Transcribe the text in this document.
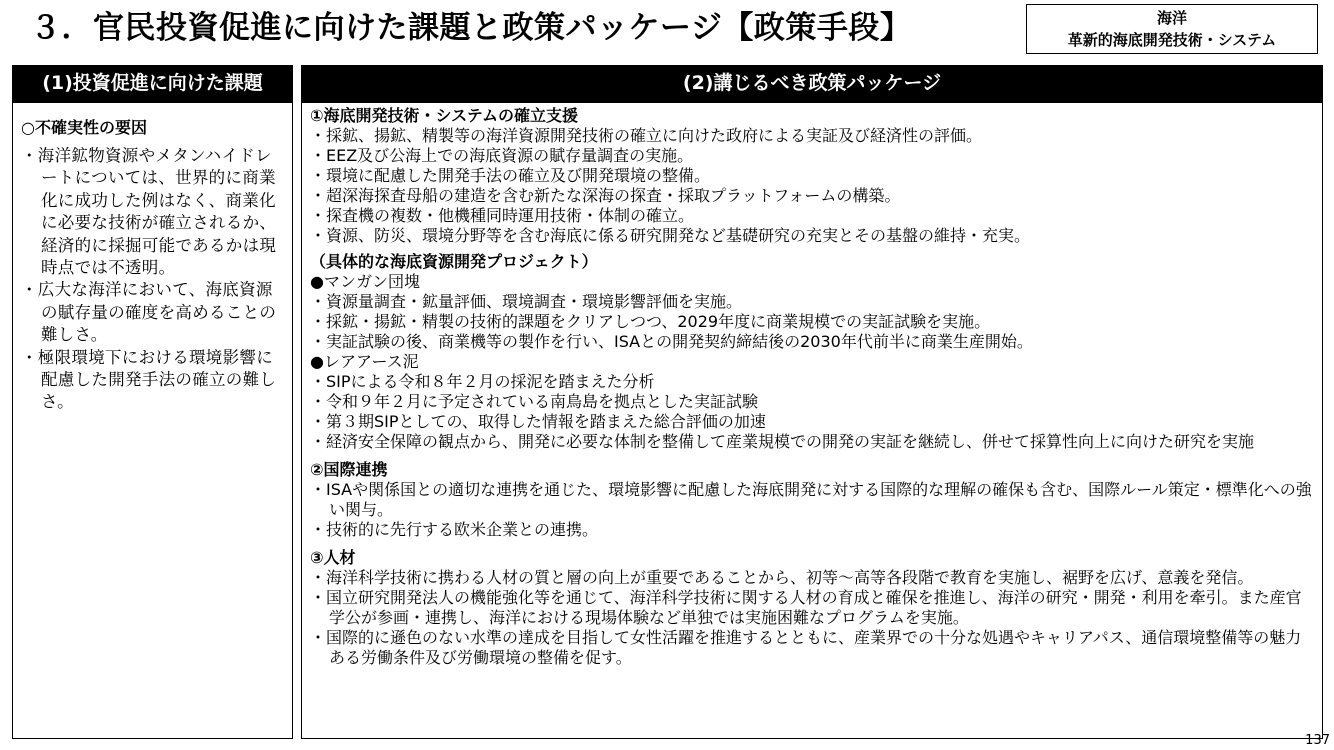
３．官民投資促進に向けた課題と政策パッケージ【政策手段】	海洋
革新的海底開発技術・システム
(1)投資促進に向けた課題	(2)講じるべき政策パッケージ
○不確実性の要因
・海洋鉱物資源やメタンハイドレートについては、世界的に商業化に成功した例はなく、商業化に必要な技術が確立されるか、経済的に採掘可能であるかは現時点では不透明。
・広大な海洋において、海底資源の賦存量の確度を高めることの難しさ。
・極限環境下における環境影響に配慮した開発手法の確立の難しさ。
①海底開発技術・システムの確立支援
・採鉱、揚鉱、精製等の海洋資源開発技術の確立に向けた政府による実証及び経済性の評価。
・EEZ及び公海上での海底資源の賦存量調査の実施。
・環境に配慮した開発手法の確立及び開発環境の整備。
・超深海探査母船の建造を含む新たな深海の探査・採取プラットフォームの構築。
・探査機の複数・他機種同時運用技術・体制の確立。
・資源、防災、環境分野等を含む海底に係る研究開発など基礎研究の充実とその基盤の維持・充実。
（具体的な海底資源開発プロジェクト）
●マンガン団塊
・資源量調査・鉱量評価、環境調査・環境影響評価を実施。
・採鉱・揚鉱・精製の技術的課題をクリアしつつ、2029年度に商業規模での実証試験を実施。
・実証試験の後、商業機等の製作を行い、ISAとの開発契約締結後の2030年代前半に商業生産開始。
●レアアース泥
・SIPによる令和８年２月の採泥を踏まえた分析
・令和９年２月に予定されている南鳥島を拠点とした実証試験
・第３期SIPとしての、取得した情報を踏まえた総合評価の加速
・経済安全保障の観点から、開発に必要な体制を整備して産業規模での開発の実証を継続し、併せて採算性向上に向けた研究を実施
②国際連携
・ISAや関係国との適切な連携を通じた、環境影響に配慮した海底開発に対する国際的な理解の確保も含む、国際ルール策定・標準化への強い関与。
・技術的に先行する欧米企業との連携。
③人材
・海洋科学技術に携わる人材の質と層の向上が重要であることから、初等～高等各段階で教育を実施し、裾野を広げ、意義を発信。
・国立研究開発法人の機能強化等を通じて、海洋科学技術に関する人材の育成と確保を推進し、海洋の研究・開発・利用を牽引。また産官学公が参画・連携し、海洋における現場体験など単独では実施困難なプログラムを実施。
・国際的に遜色のない水準の達成を目指して女性活躍を推進するとともに、産業界での十分な処遇やキャリアパス、通信環境整備等の魅力ある労働条件及び労働環境の整備を促す。
137
